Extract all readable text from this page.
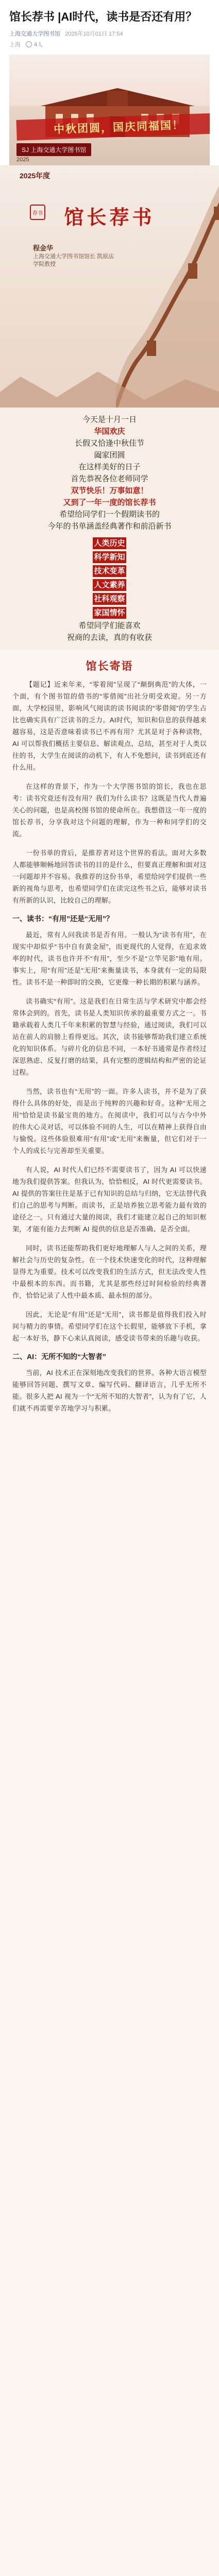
馆长荐书 |AI时代，读书是否还有用？
上海交通大学图书馆 2025年10月01日 17:54
上海 4人
中秋团圆，国庆同福国！
SJ 上海交通大学图书馆
2025
2025年度
荐书	馆长荐书
程金华
上海交通大学图书馆馆长 凯原法学院教授
今天是十月一日
华国欢庆
长假又恰逢中秋佳节
阖家团圆
在这样美好的日子
首先恭祝各位老师同学
双节快乐！万事如意！
又到了一年一度的馆长荐书
希望给同学们一个假期读书的
今年的书单涵盖经典著作和前沿新书
人类历史
科学新知
技术变革
人文素养
社科观察
家国情怀
希望同学们能喜欢
祝商的去读，真的有收获
馆长寄语

【题记】近来年来，“零着阅”呈现了“颠倒典范”的大体，一个面，有个图书馆的借书的“零借阅”出社分明受欢迎。另一方面，大学校园里，影响风气阅读的读书阅读的“零借阅”的学生占比也确实具有广泛读书的乏力。AI时代，知识和信息的获得越来越容易，这是否意味着读书已不再有用？尤其是对于各种读物，AI 可以帮我们概括主要信息、解读观点、总结，甚至对于人类以往的书，大学生在阅读的动机下，有人不免想问，读书到底还有什么用。

在这样的背景下，作为一个大学图书馆的馆长，我也在思考：读书究竟还有没有用？我们为什么读书？这既是当代人普遍关心的问题，也是高校图书馆的使命所在。我想借这一年一度的馆长荐书，分享我对这个问题的理解，作为一种和同学们的交流。

一份书单的背后，是推荐者对这个世界的看法。面对大多数人都能够顺畅地回答读书的目的是什么，但要真正理解和面对这一问题却并不容易。我推荐的这份书单，希望给同学们提供一些新的视角与思考，也希望同学们在读完这些书之后，能够对读书有所新的认识，比较自己的理解。

一、读书：“有用”还是“无用”？

最近，常有人问我读书是否有用。一般认为“读书有用”，在现实中却似乎“书中自有黄金屋”，而更现代的人觉得，在追求效率的时代，读书也许并不“有用”，至少不是“立竿见影”地有用。事实上，用“有用”还是“无用”来衡量读书，本身就有一定的局限性。读书不是一种即时的交换，它更像一种长期的积累与涵养。

读书确实“有用”。这是我们在日常生活与学术研究中都会经常体会到的。首先，读书是人类知识传承的最重要方式之一。书籍承载着人类几千年来积累的智慧与经验，通过阅读，我们可以站在前人的肩膀上看得更远。其次，读书能够帮助我们建立系统化的知识体系。与碎片化的信息不同，一本好书通常是作者经过深思熟虑、反复打磨的结果，具有完整的逻辑结构和严密的论证过程。

当然，读书也有“无用”的一面。许多人读书，并不是为了获得什么具体的好处，而是出于纯粹的兴趣和好奇。这种“无用之用”恰恰是读书最宝贵的地方。在阅读中，我们可以与古今中外的伟大心灵对话，可以体验不同的人生，可以在精神上获得自由与愉悦。这些体验很难用“有用”或“无用”来衡量，但它们对于一个人的成长与完善却至关重要。

有人说，AI 时代人们已经不需要读书了，因为 AI 可以快速地为我们提供答案。但我认为，恰恰相反，AI 时代更需要读书。AI 提供的答案往往是基于已有知识的总结与归纳，它无法替代我们自己的思考与判断。而读书，正是培养独立思考能力最有效的途径之一。只有通过大量的阅读，我们才能建立起自己的知识框架，才能有能力去判断 AI 提供的信息是否准确、是否全面。

同时，读书还能帮助我们更好地理解人与人之间的关系，理解社会与历史的复杂性。在一个技术快速变化的时代，这种理解显得尤为重要。技术可以改变我们的生活方式，但无法改变人性中最根本的东西。而书籍，尤其是那些经过时间检验的经典著作，恰恰记录了人性中最本质、最永恒的部分。

因此，无论是“有用”还是“无用”，读书都是值得我们投入时间与精力的事情。希望同学们在这个长假里，能够放下手机，拿起一本好书，静下心来认真阅读，感受读书带来的乐趣与收获。

二、AI：无所不知的“大智者”

当前，AI 技术正在深刻地改变我们的世界。各种大语言模型能够回答问题、撰写文章、编写代码、翻译语言，几乎无所不能。很多人把 AI 视为一个“无所不知的大智者”，认为有了它，人们就不再需要辛苦地学习与积累。
